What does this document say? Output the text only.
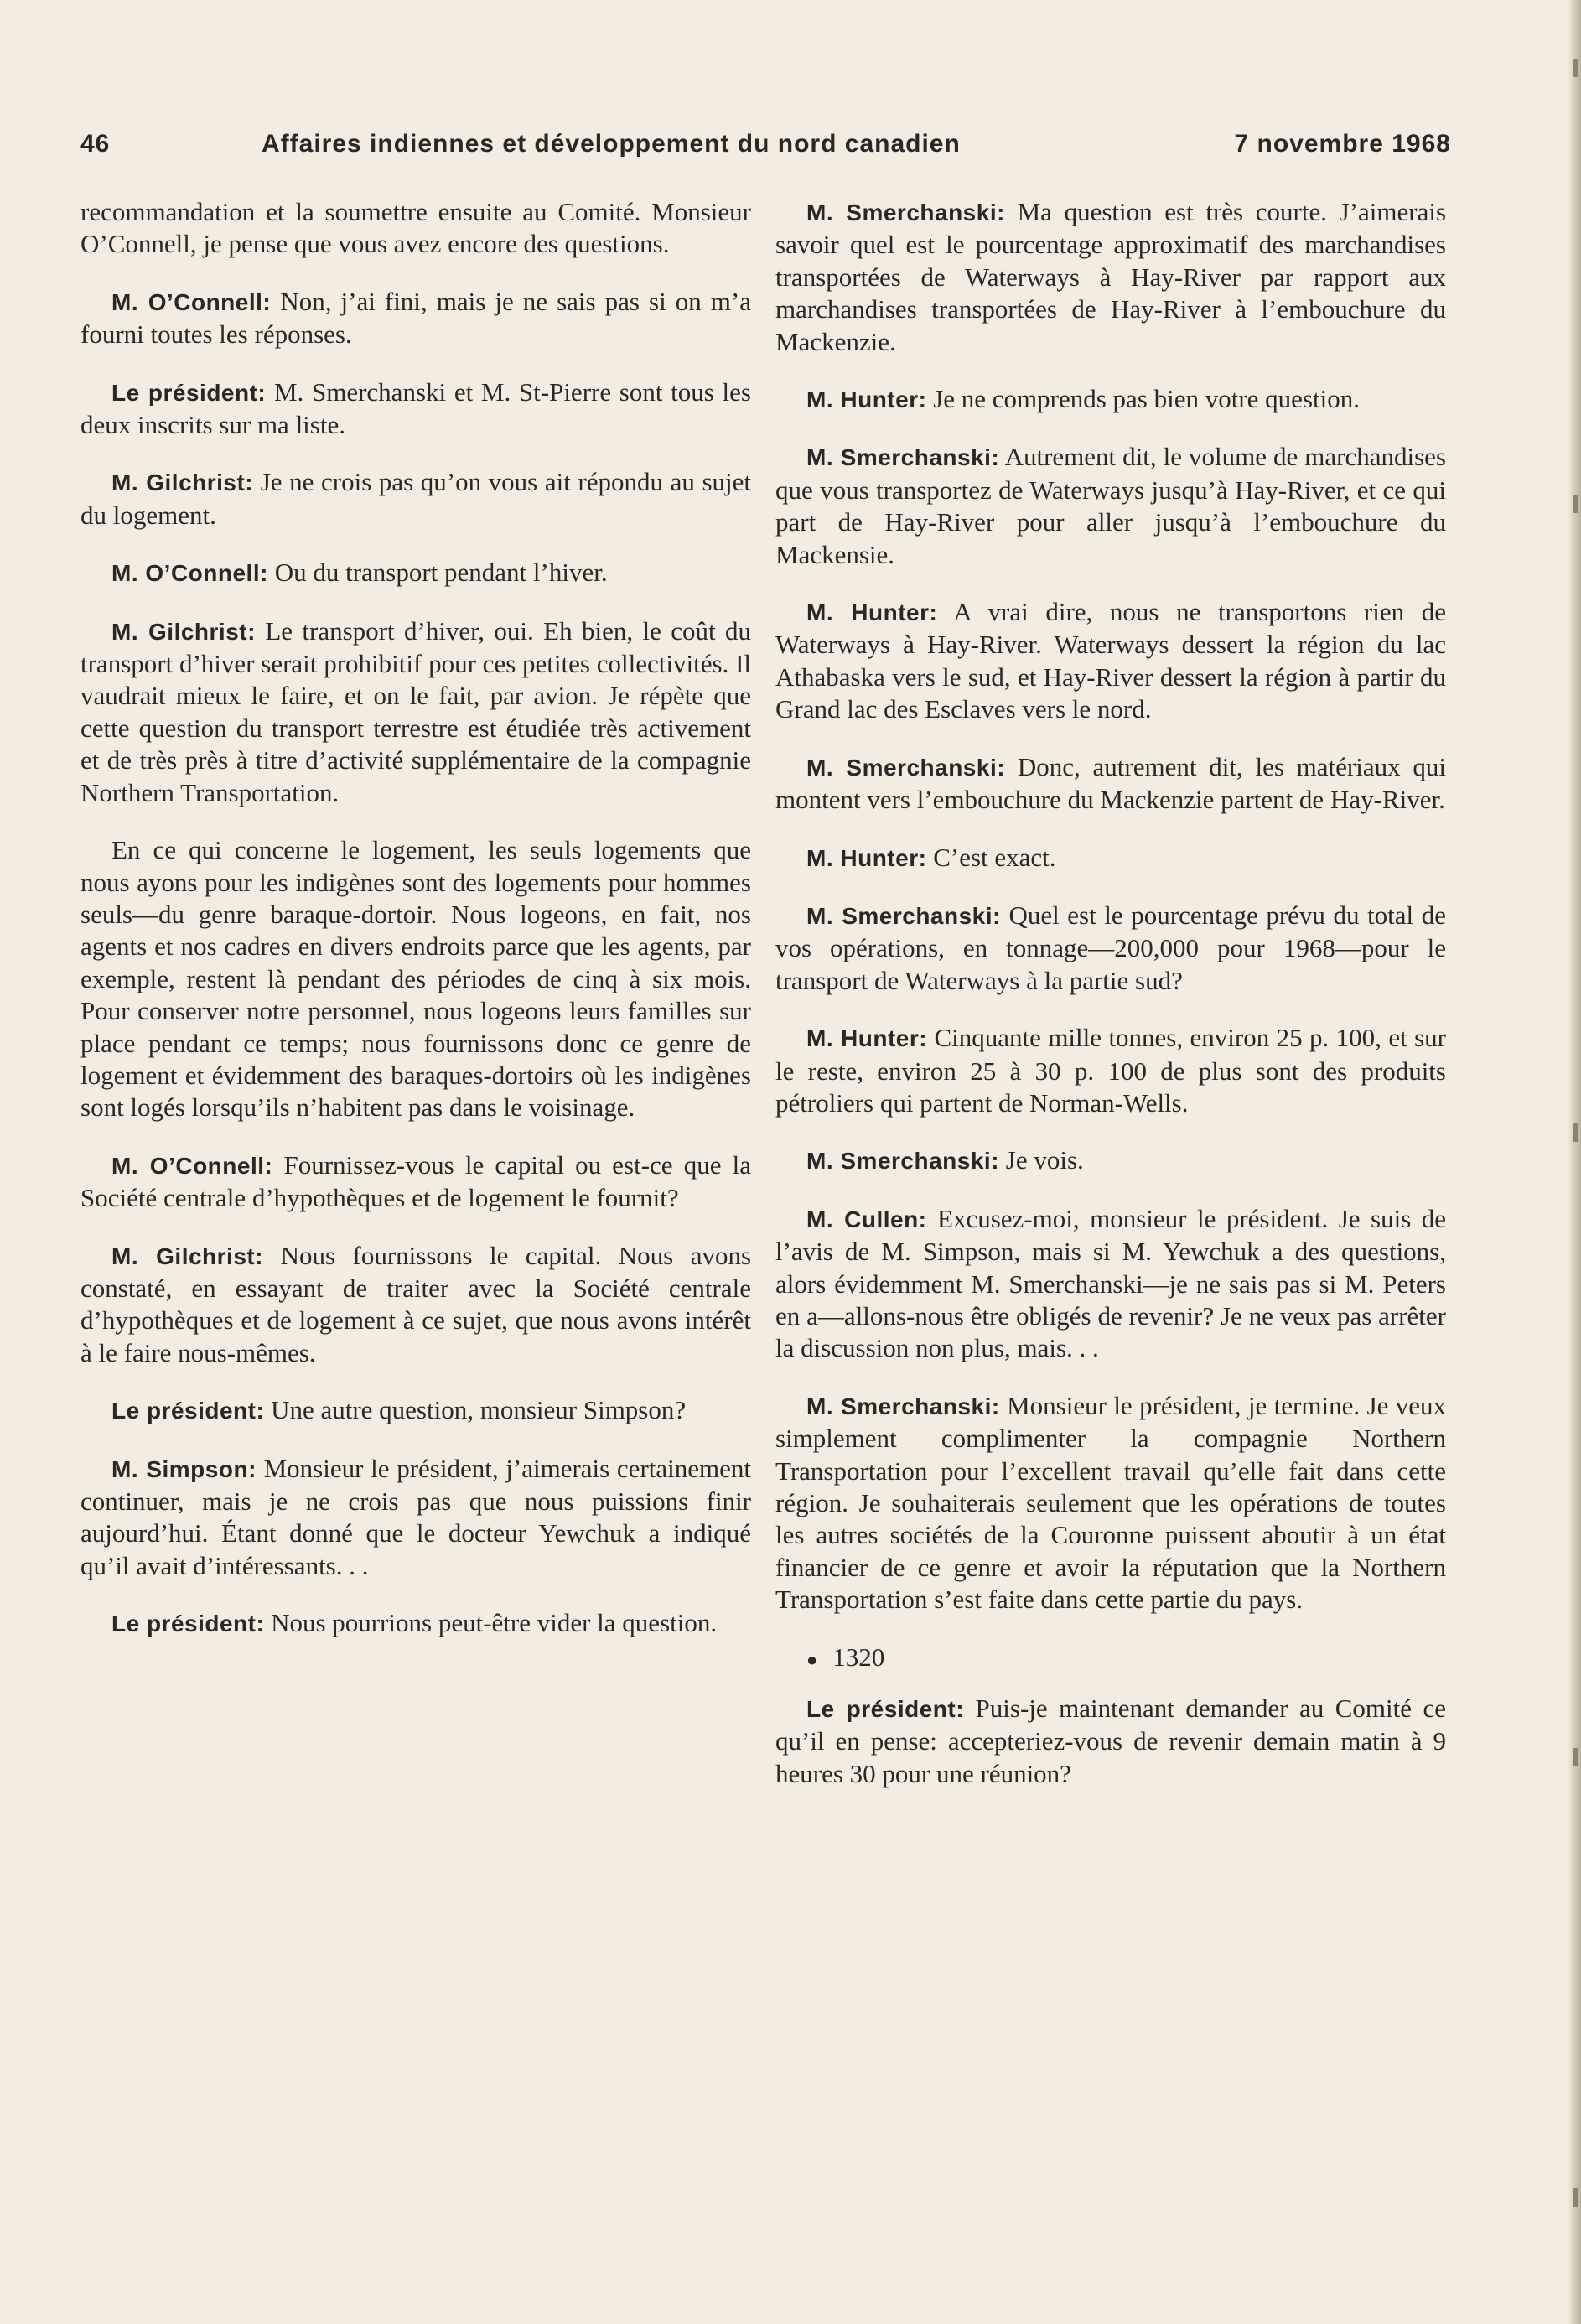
46	Affaires indiennes et développement du nord canadien	7 novembre 1968

recommandation et la soumettre ensuite au Comité. Monsieur O’Connell, je pense que vous avez encore des questions.

M. O’Connell: Non, j’ai fini, mais je ne sais pas si on m’a fourni toutes les réponses.

Le président: M. Smerchanski et M. St-Pierre sont tous les deux inscrits sur ma liste.

M. Gilchrist: Je ne crois pas qu’on vous ait répondu au sujet du logement.

M. O’Connell: Ou du transport pendant l’hiver.

M. Gilchrist: Le transport d’hiver, oui. Eh bien, le coût du transport d’hiver serait prohibitif pour ces petites collectivités. Il vaudrait mieux le faire, et on le fait, par avion. Je répète que cette question du transport terrestre est étudiée très activement et de très près à titre d’activité supplémentaire de la compagnie Northern Transportation.

En ce qui concerne le logement, les seuls logements que nous ayons pour les indigènes sont des logements pour hommes seuls—du genre baraque-dortoir. Nous logeons, en fait, nos agents et nos cadres en divers endroits parce que les agents, par exemple, restent là pendant des périodes de cinq à six mois. Pour conserver notre personnel, nous logeons leurs familles sur place pendant ce temps; nous fournissons donc ce genre de logement et évidemment des baraques-dortoirs où les indigènes sont logés lorsqu’ils n’habitent pas dans le voisinage.

M. O’Connell: Fournissez-vous le capital ou est-ce que la Société centrale d’hypothèques et de logement le fournit?

M. Gilchrist: Nous fournissons le capital. Nous avons constaté, en essayant de traiter avec la Société centrale d’hypothèques et de logement à ce sujet, que nous avons intérêt à le faire nous-mêmes.

Le président: Une autre question, monsieur Simpson?

M. Simpson: Monsieur le président, j’aimerais certainement continuer, mais je ne crois pas que nous puissions finir aujourd’hui. Étant donné que le docteur Yewchuk a indiqué qu’il avait d’intéressants. . .

Le président: Nous pourrions peut-être vider la question.

M. Smerchanski: Ma question est très courte. J’aimerais savoir quel est le pourcentage approximatif des marchandises transportées de Waterways à Hay-River par rapport aux marchandises transportées de Hay-River à l’embouchure du Mackenzie.

M. Hunter: Je ne comprends pas bien votre question.

M. Smerchanski: Autrement dit, le volume de marchandises que vous transportez de Waterways jusqu’à Hay-River, et ce qui part de Hay-River pour aller jusqu’à l’embouchure du Mackensie.

M. Hunter: A vrai dire, nous ne transportons rien de Waterways à Hay-River. Waterways dessert la région du lac Athabaska vers le sud, et Hay-River dessert la région à partir du Grand lac des Esclaves vers le nord.

M. Smerchanski: Donc, autrement dit, les matériaux qui montent vers l’embouchure du Mackenzie partent de Hay-River.

M. Hunter: C’est exact.

M. Smerchanski: Quel est le pourcentage prévu du total de vos opérations, en tonnage—200,000 pour 1968—pour le transport de Waterways à la partie sud?

M. Hunter: Cinquante mille tonnes, environ 25 p. 100, et sur le reste, environ 25 à 30 p. 100 de plus sont des produits pétroliers qui partent de Norman-Wells.

M. Smerchanski: Je vois.

M. Cullen: Excusez-moi, monsieur le président. Je suis de l’avis de M. Simpson, mais si M. Yewchuk a des questions, alors évidemment M. Smerchanski—je ne sais pas si M. Peters en a—allons-nous être obligés de revenir? Je ne veux pas arrêter la discussion non plus, mais. . .

M. Smerchanski: Monsieur le président, je termine. Je veux simplement complimenter la compagnie Northern Transportation pour l’excellent travail qu’elle fait dans cette région. Je souhaiterais seulement que les opérations de toutes les autres sociétés de la Couronne puissent aboutir à un état financier de ce genre et avoir la réputation que la Northern Transportation s’est faite dans cette partie du pays.

● 1320

Le président: Puis-je maintenant demander au Comité ce qu’il en pense: accepteriez-vous de revenir demain matin à 9 heures 30 pour une réunion?
